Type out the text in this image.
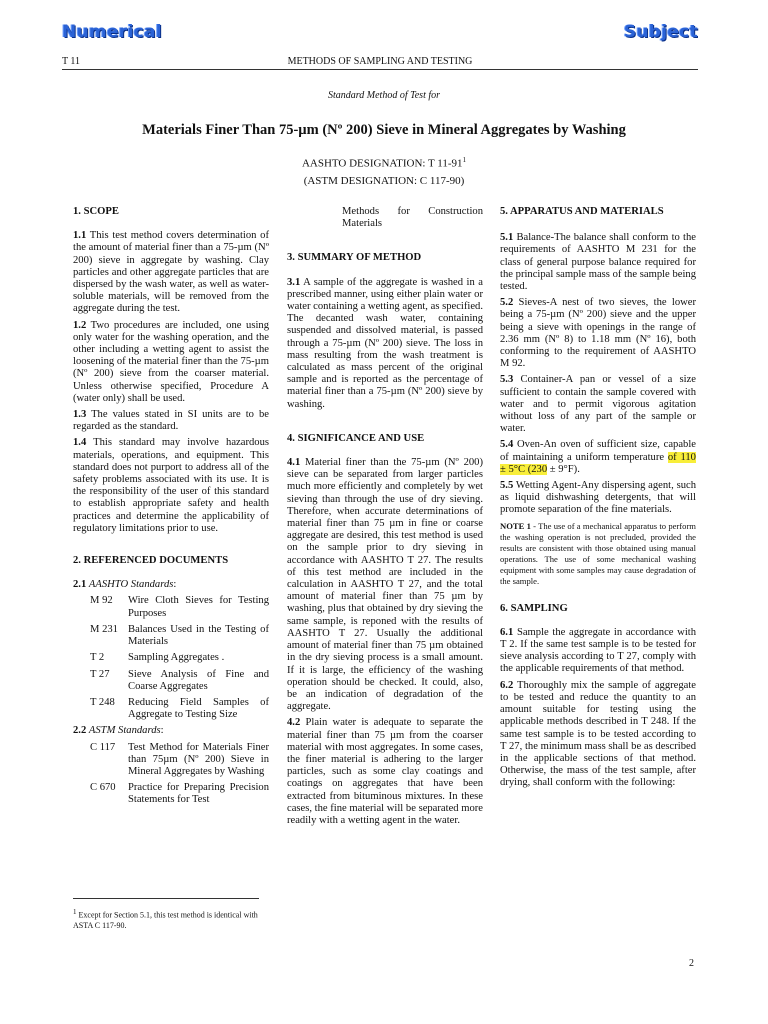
Numerical	Subject
T 11	METHODS OF SAMPLING AND TESTING
Standard Method of Test for
Materials Finer Than 75-µm (Nº 200) Sieve in Mineral Aggregates by Washing
AASHTO DESIGNATION: T $11-91^1$
(ASTM DESIGNATION: C 117-90)
1. SCOPE

1.1 This test method covers determination of the amount of material finer than a 75-µm (Nº 200) sieve in aggregate by washing. Clay particles and other aggregate particles that are dispersed by the wash water, as well as water-soluble materials, will be removed from the aggregate during the test.

1.2 Two procedures are included, one using only water for the washing operation, and the other including a wetting agent to assist the loosening of the material finer than the 75-µm (Nº 200) sieve from the coarser material. Unless otherwise specified, Procedure A (water only) shall be used.

1.3 The values stated in SI units are to be regarded as the standard.

1.4 This standard may involve hazardous materials, operations, and equipment. This standard does not purport to address all of the safety problems associated with its use. It is the responsibility of the user of this standard to establish appropriate safety and health practices and determine the applicability of regulatory limitations prior to use.

2. REFERENCED DOCUMENTS

2.1 AASHTO Standards:

M 92	Wire Cloth Sieves for Testing Purposes
M 231 Balances Used in the Testing of Materials
T 2	Sampling Aggregates .
T 27	Sieve Analysis of Fine and Coarse Aggregates
T 248	Reducing Field Samples of Aggregate to Testing Size

2.2 ASTM Standards:

C 117	Test Method for Materials Finer than 75µm (Nº 200) Sieve in Mineral Aggregates by Washing
C 670	Practice for Preparing Precision Statements for Test

Methods for Construction Materials

3. SUMMARY OF METHOD

3.1 A sample of the aggregate is washed in a prescribed manner, using either plain water or water containing a wetting agent, as specified. The decanted wash water, containing suspended and dissolved material, is passed through a 75-µm (Nº 200) sieve. The loss in mass resulting from the wash treatment is calculated as mass percent of the original sample and is reported as the percentage of material finer than a 75-µm (Nº 200) sieve by washing.

4. SIGNIFICANCE AND USE

4.1 Material finer than the 75-µm (Nº 200) sieve can be separated from larger particles much more efficiently and completely by wet sieving than through the use of dry sieving. Therefore, when accurate determinations of material finer than 75 µm in fine or coarse aggregate are desired, this test method is used on the sample prior to dry sieving in accordance with AASHTO T 27. The results of this test method are included in the calculation in AASHTO T 27, and the total amount of material finer than 75 µm by washing, plus that obtained by dry sieving the same sample, is reponed with the results of AASHTO T 27. Usually the additional amount of material finer than 75 µm obtained in the dry sieving process is a small amount. If it is large, the efficiency of the washing operation should be checked. It could, also, be an indication of degradation of the aggregate.

4.2 Plain water is adequate to separate the material finer than 75 µm from the coarser material with most aggregates. In some cases, the finer material is adhering to the larger particles, such as some clay coatings and coatings on aggregates that have been extracted from bituminous mixtures. In these cases, the fine material will be separated more readily with a wetting agent in the water.

5. APPARATUS AND MATERIALS

5.1 Balance-The balance shall conform to the requirements of AASHTO M 231 for the class of general purpose balance required for the principal sample mass of the sample being tested.

5.2 Sieves-A nest of two sieves, the lower being a 75-µm (Nº 200) sieve and the upper being a sieve with openings in the range of 2.36 mm (Nº 8) to 1.18 mm (Nº 16), both conforming to the requirement of AASHTO M 92.

5.3 Container-A pan or vessel of a size sufficient to contain the sample covered with water and to permit vigorous agitation without loss of any part of the sample or water.

5.4 Oven-An oven of sufficient size, capable of maintaining a uniform temperature of 110 ± 5°C (230 ± 9°F).

5.5 Wetting Agent-Any dispersing agent, such as liquid dishwashing detergents, that will promote separation of the fine materials.

NOTE 1 - The use of a mechanical apparatus to perform the washing operation is not precluded, provided the results are consistent with those obtained using manual operations. The use of some mechanical washing equipment with some samples may cause degradation of the sample.

6. SAMPLING

6.1 Sample the aggregate in accordance with T 2. If the same test sample is to be tested for sieve analysis according to T 27, comply with the applicable requirements of that method.

6.2 Thoroughly mix the sample of aggregate to be tested and reduce the quantity to an amount suitable for testing using the applicable methods described in T 248. If the same test sample is to be tested according to T 27, the minimum mass shall be as described in the applicable sections of that method. Otherwise, the mass of the test sample, after drying, shall conform with the following:

$^1$ Except for Section 5.1, this test method is identical with ASTA C 117-90.
2
